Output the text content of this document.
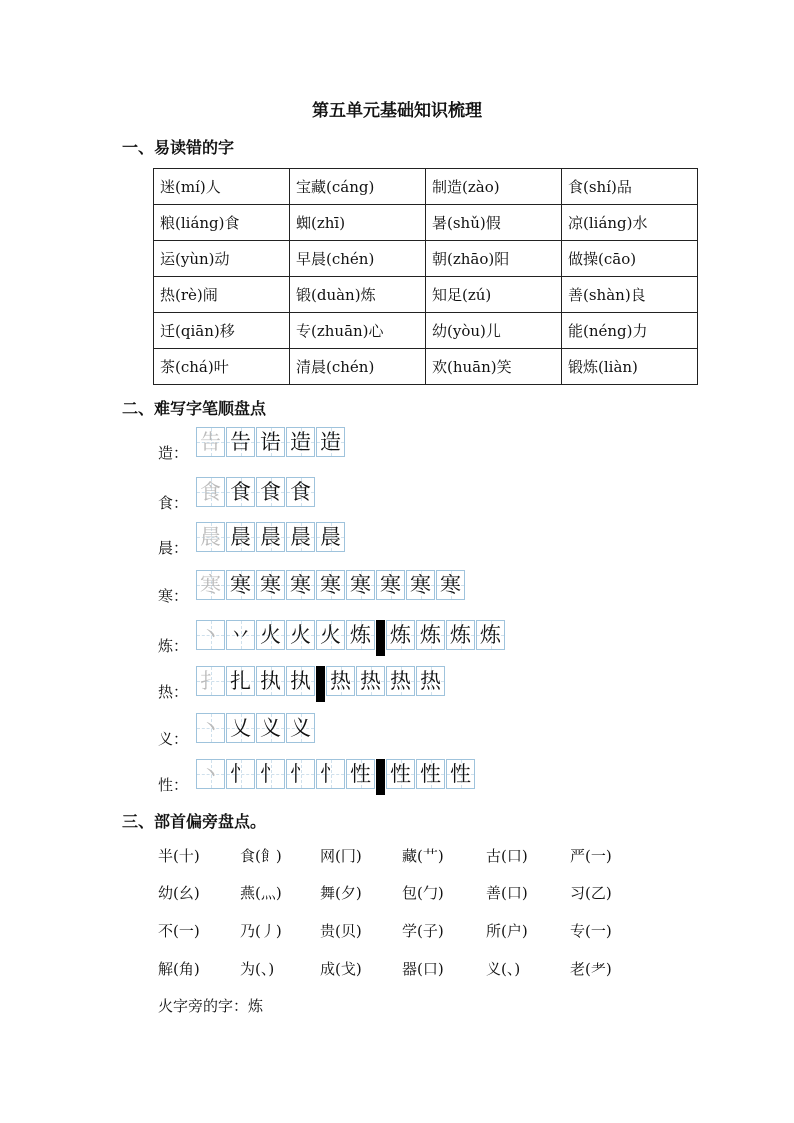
第五单元基础知识梳理
一、易读错的字
迷(mí)人	宝藏(cáng)	制造(zào)	食(shí)品
粮(liáng)食	蜘(zhī)	暑(shǔ)假	凉(liáng)水
运(yùn)动	早晨(chén)	朝(zhāo)阳	做操(cāo)
热(rè)闹	锻(duàn)炼	知足(zú)	善(shàn)良
迁(qiān)移	专(zhuān)心	幼(yòu)儿	能(néng)力
茶(chá)叶	清晨(chén)	欢(huān)笑	锻炼(liàn)
二、难写字笔顺盘点
造： 告 告 诰 造 造
食： 食 食 食 食
晨： 晨 晨 晨 晨 晨
寒： 寒 寒 寒 寒 寒 寒 寒 寒 寒
炼： 丶 丷 火 火 火 炼 炼 炼 炼 炼
热： 扌 扎 执 执 热 热 热 热
义： 丶 乂 义 义
性： 丶 忄 忄 忄 忄 性 性 性 性
三、部首偏旁盘点。
半(十)	食(飠)	网(冂)	藏(艹)	古(口)	严(一)
幼(幺)	燕(灬)	舞(夕)	包(勹)	善(口)	习(乙)
不(一)	乃(丿)	贵(贝)	学(子)	所(户)	专(一)
解(角)	为(、)	成(戈)	器(口)	义(、)	老(耂)
火字旁的字：炼
